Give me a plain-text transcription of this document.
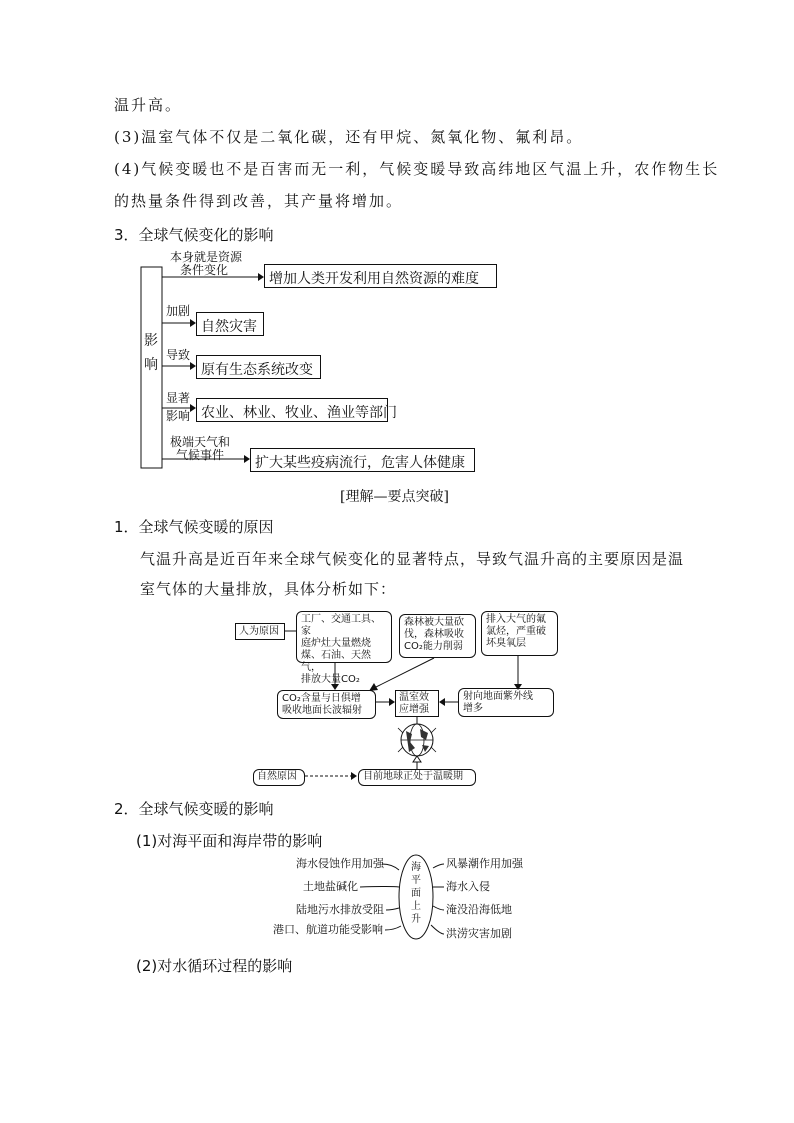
温升高。
(3)温室气体不仅是二氧化碳，还有甲烷、氮氧化物、氟利昂。
(4)气候变暖也不是百害而无一利，气候变暖导致高纬地区气温上升，农作物生长
的热量条件得到改善，其产量将增加。
3．全球气候变化的影响
影
响
本身就是资源
条件变化
增加人类开发利用自然资源的难度
加剧
自然灾害
导致
原有生态系统改变
显著
影响 农业、林业、牧业、渔业等部门
极端天气和
气候事件 扩大某些疫病流行，危害人体健康
[理解—要点突破]
1．全球气候变暖的原因
气温升高是近百年来全球气候变化的显著特点，导致气温升高的主要原因是温
室气体的大量排放，具体分析如下：
人为原因
工厂、交通工具、家
庭炉灶大量燃烧
煤、石油、天然气，
排放大量CO₂
森林被大量砍
伐，森林吸收
CO₂能力削弱
排入大气的氟
氯烃，严重破
坏臭氧层
CO₂含量与日俱增
吸收地面长波辐射
温室效
应增强
射向地面紫外线
增多
自然原因	目前地球正处于温暖期
2．全球气候变暖的影响
(1)对海平面和海岸带的影响
海
平
面
上
升
海水侵蚀作用加强
土地盐碱化
陆地污水排放受阻
港口、航道功能受影响
风暴潮作用加强
海水入侵
淹没沿海低地
洪涝灾害加剧
(2)对水循环过程的影响
